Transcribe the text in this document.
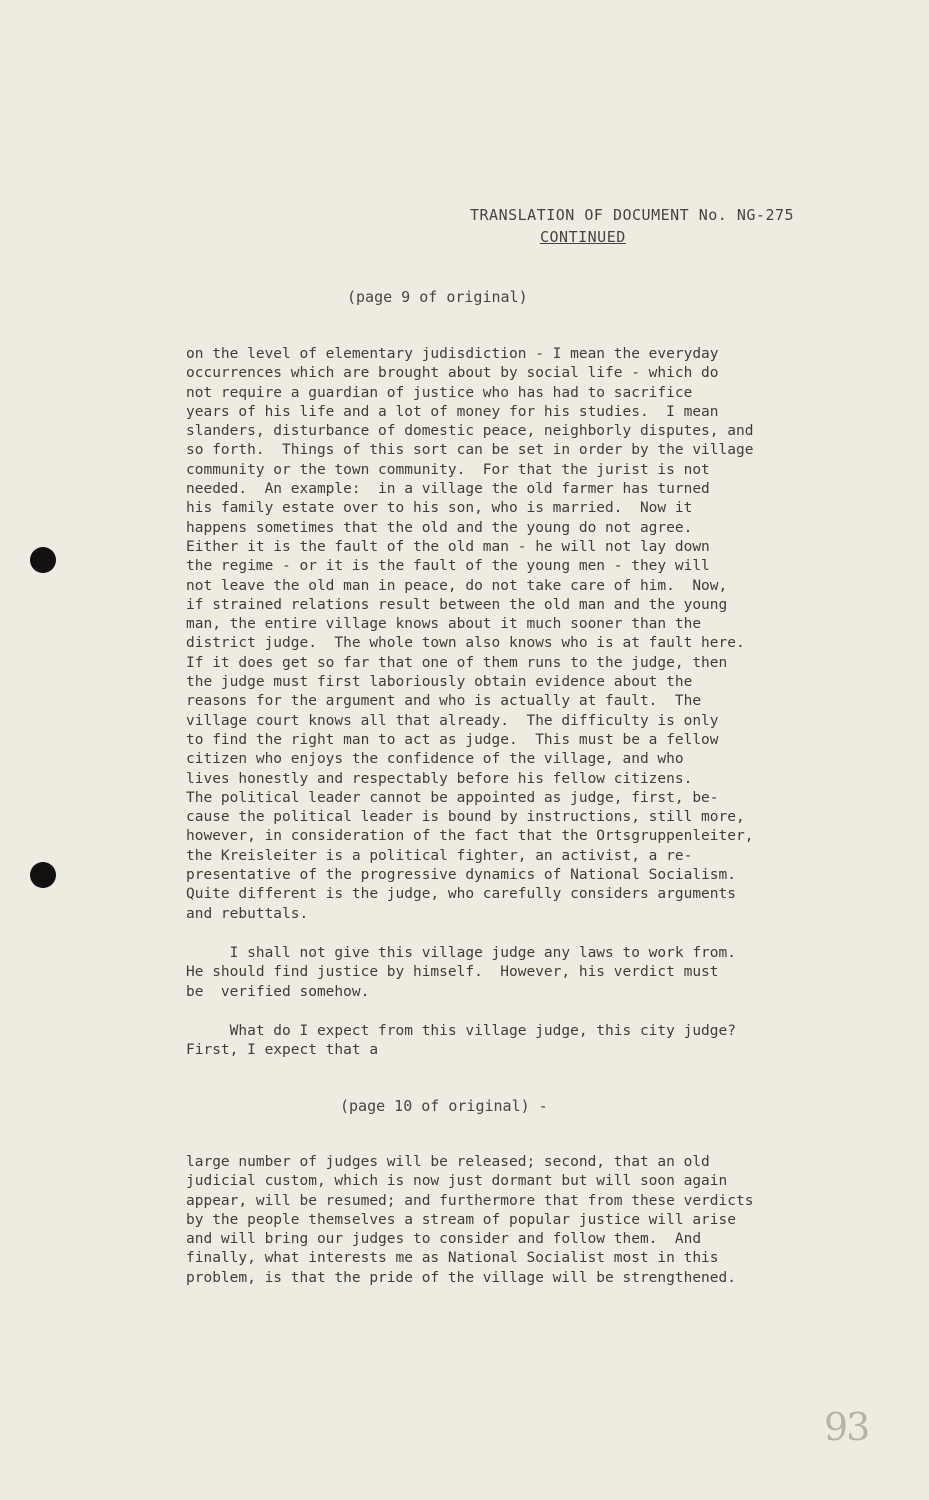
TRANSLATION OF DOCUMENT No. NG-275
CONTINUED
(page 9 of original)
on the level of elementary judisdiction - I mean the everyday
occurrences which are brought about by social life - which do
not require a guardian of justice who has had to sacrifice
years of his life and a lot of money for his studies.  I mean
slanders, disturbance of domestic peace, neighborly disputes, and
so forth.  Things of this sort can be set in order by the village
community or the town community.  For that the jurist is not
needed.  An example:  in a village the old farmer has turned
his family estate over to his son, who is married.  Now it
happens sometimes that the old and the young do not agree.
Either it is the fault of the old man - he will not lay down
the regime - or it is the fault of the young men - they will
not leave the old man in peace, do not take care of him.  Now,
if strained relations result between the old man and the young
man, the entire village knows about it much sooner than the
district judge.  The whole town also knows who is at fault here.
If it does get so far that one of them runs to the judge, then
the judge must first laboriously obtain evidence about the
reasons for the argument and who is actually at fault.  The
village court knows all that already.  The difficulty is only
to find the right man to act as judge.  This must be a fellow
citizen who enjoys the confidence of the village, and who
lives honestly and respectably before his fellow citizens.
The political leader cannot be appointed as judge, first, be-
cause the political leader is bound by instructions, still more,
however, in consideration of the fact that the Ortsgruppenleiter,
the Kreisleiter is a political fighter, an activist, a re-
presentative of the progressive dynamics of National Socialism.
Quite different is the judge, who carefully considers arguments
and rebuttals.
I shall not give this village judge any laws to work from.
He should find justice by himself.  However, his verdict must
be  verified somehow.
What do I expect from this village judge, this city judge?
First, I expect that a
(page 10 of original) -
large number of judges will be released; second, that an old
judicial custom, which is now just dormant but will soon again
appear, will be resumed; and furthermore that from these verdicts
by the people themselves a stream of popular justice will arise
and will bring our judges to consider and follow them.  And
finally, what interests me as National Socialist most in this
problem, is that the pride of the village will be strengthened.
93
